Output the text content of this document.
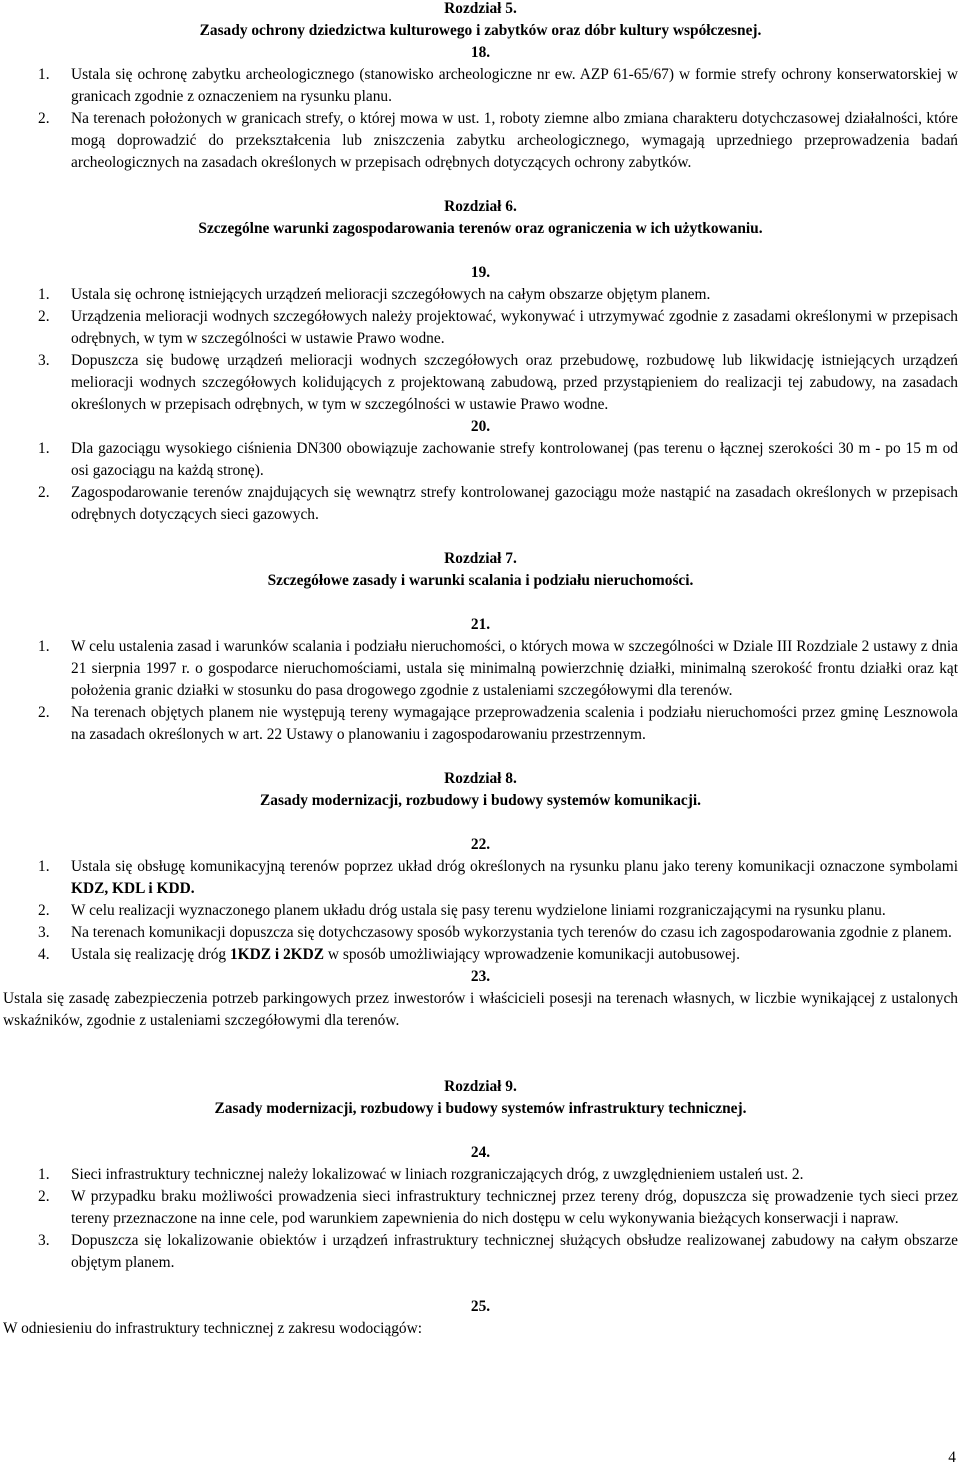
Rozdział 5.
Zasady ochrony dziedzictwa kulturowego i zabytków oraz dóbr kultury współczesnej.
18.
1. Ustala się ochronę zabytku archeologicznego (stanowisko archeologiczne nr ew. AZP 61-65/67) w formie strefy ochrony konserwatorskiej w granicach zgodnie z oznaczeniem na rysunku planu.
2. Na terenach położonych w granicach strefy, o której mowa w ust. 1, roboty ziemne albo zmiana charakteru dotychczasowej działalności, które mogą doprowadzić do przekształcenia lub zniszczenia zabytku archeologicznego, wymagają uprzedniego przeprowadzenia badań archeologicznych na zasadach określonych w przepisach odrębnych dotyczących ochrony zabytków.
Rozdział 6.
Szczególne warunki zagospodarowania terenów oraz ograniczenia w ich użytkowaniu.
19.
1. Ustala się ochronę istniejących urządzeń melioracji szczegółowych na całym obszarze objętym planem.
2. Urządzenia melioracji wodnych szczegółowych należy projektować, wykonywać i utrzymywać zgodnie z zasadami określonymi w przepisach odrębnych, w tym w szczególności w ustawie Prawo wodne.
3. Dopuszcza się budowę urządzeń melioracji wodnych szczegółowych oraz przebudowę, rozbudowę lub likwidację istniejących urządzeń melioracji wodnych szczegółowych kolidujących z projektowaną zabudową, przed przystąpieniem do realizacji tej zabudowy, na zasadach określonych w przepisach odrębnych, w tym w szczególności w ustawie Prawo wodne.
20.
1. Dla gazociągu wysokiego ciśnienia DN300 obowiązuje zachowanie strefy kontrolowanej (pas terenu o łącznej szerokości 30 m - po 15 m od osi gazociągu na każdą stronę).
2. Zagospodarowanie terenów znajdujących się wewnątrz strefy kontrolowanej gazociągu może nastąpić na zasadach określonych w przepisach odrębnych dotyczących sieci gazowych.
Rozdział 7.
Szczegółowe zasady i warunki scalania i podziału nieruchomości.
21.
1. W celu ustalenia zasad i warunków scalania i podziału nieruchomości, o których mowa w szczególności w Dziale III Rozdziale 2 ustawy z dnia 21 sierpnia 1997 r. o gospodarce nieruchomościami, ustala się minimalną powierzchnię działki, minimalną szerokość frontu działki oraz kąt położenia granic działki w stosunku do pasa drogowego zgodnie z ustaleniami szczegółowymi dla terenów.
2. Na terenach objętych planem nie występują tereny wymagające przeprowadzenia scalenia i podziału nieruchomości przez gminę Lesznowola na zasadach określonych w art. 22 Ustawy o planowaniu i zagospodarowaniu przestrzennym.
Rozdział 8.
Zasady modernizacji, rozbudowy i budowy systemów komunikacji.
22.
1. Ustala się obsługę komunikacyjną terenów poprzez układ dróg określonych na rysunku planu jako tereny komunikacji oznaczone symbolami KDZ, KDL i KDD.
2. W celu realizacji wyznaczonego planem układu dróg ustala się pasy terenu wydzielone liniami rozgraniczającymi na rysunku planu.
3. Na terenach komunikacji dopuszcza się dotychczasowy sposób wykorzystania tych terenów do czasu ich zagospodarowania zgodnie z planem.
4. Ustala się realizację dróg 1KDZ i 2KDZ w sposób umożliwiający wprowadzenie komunikacji autobusowej.
23.
Ustala się zasadę zabezpieczenia potrzeb parkingowych przez inwestorów i właścicieli posesji na terenach własnych, w liczbie wynikającej z ustalonych wskaźników, zgodnie z ustaleniami szczegółowymi dla terenów.
Rozdział 9.
Zasady modernizacji, rozbudowy i budowy systemów infrastruktury technicznej.
24.
1. Sieci infrastruktury technicznej należy lokalizować w liniach rozgraniczających dróg, z uwzględnieniem ustaleń ust. 2.
2. W przypadku braku możliwości prowadzenia sieci infrastruktury technicznej przez tereny dróg, dopuszcza się prowadzenie tych sieci przez tereny przeznaczone na inne cele, pod warunkiem zapewnienia do nich dostępu w celu wykonywania bieżących konserwacji i napraw.
3. Dopuszcza się lokalizowanie obiektów i urządzeń infrastruktury technicznej służących obsłudze realizowanej zabudowy na całym obszarze objętym planem.
25.
W odniesieniu do infrastruktury technicznej z zakresu wodociągów:
4
